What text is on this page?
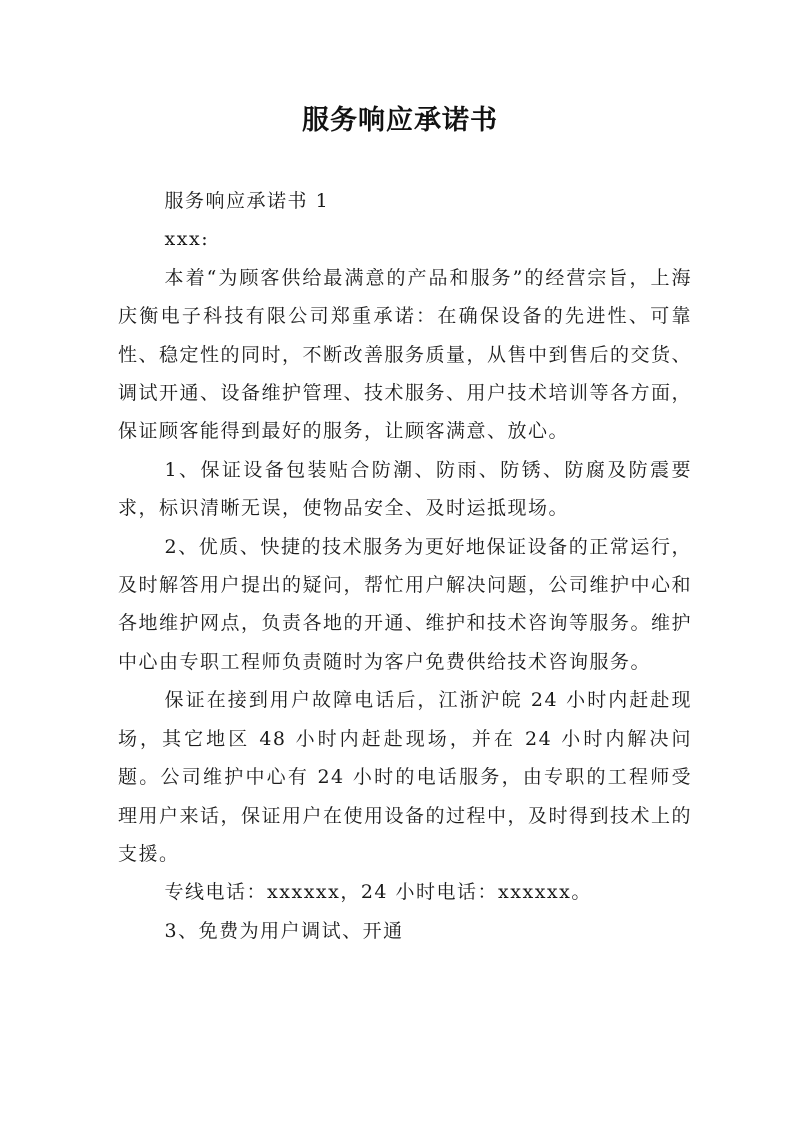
服务响应承诺书

服务响应承诺书 1

xxx:

本着“为顾客供给最满意的产品和服务”的经营宗旨，上海庆衡电子科技有限公司郑重承诺：在确保设备的先进性、可靠性、稳定性的同时，不断改善服务质量，从售中到售后的交货、调试开通、设备维护管理、技术服务、用户技术培训等各方面，保证顾客能得到最好的服务，让顾客满意、放心。

1、保证设备包装贴合防潮、防雨、防锈、防腐及防震要求，标识清晰无误，使物品安全、及时运抵现场。

2、优质、快捷的技术服务为更好地保证设备的正常运行，及时解答用户提出的疑问，帮忙用户解决问题，公司维护中心和各地维护网点，负责各地的开通、维护和技术咨询等服务。维护中心由专职工程师负责随时为客户免费供给技术咨询服务。

保证在接到用户故障电话后，江浙沪皖 24 小时内赶赴现场，其它地区 48 小时内赶赴现场，并在 24 小时内解决问题。公司维护中心有 24 小时的电话服务，由专职的工程师受理用户来话，保证用户在使用设备的过程中，及时得到技术上的支援。

专线电话：xxxxxx，24 小时电话：xxxxxx。

3、免费为用户调试、开通
